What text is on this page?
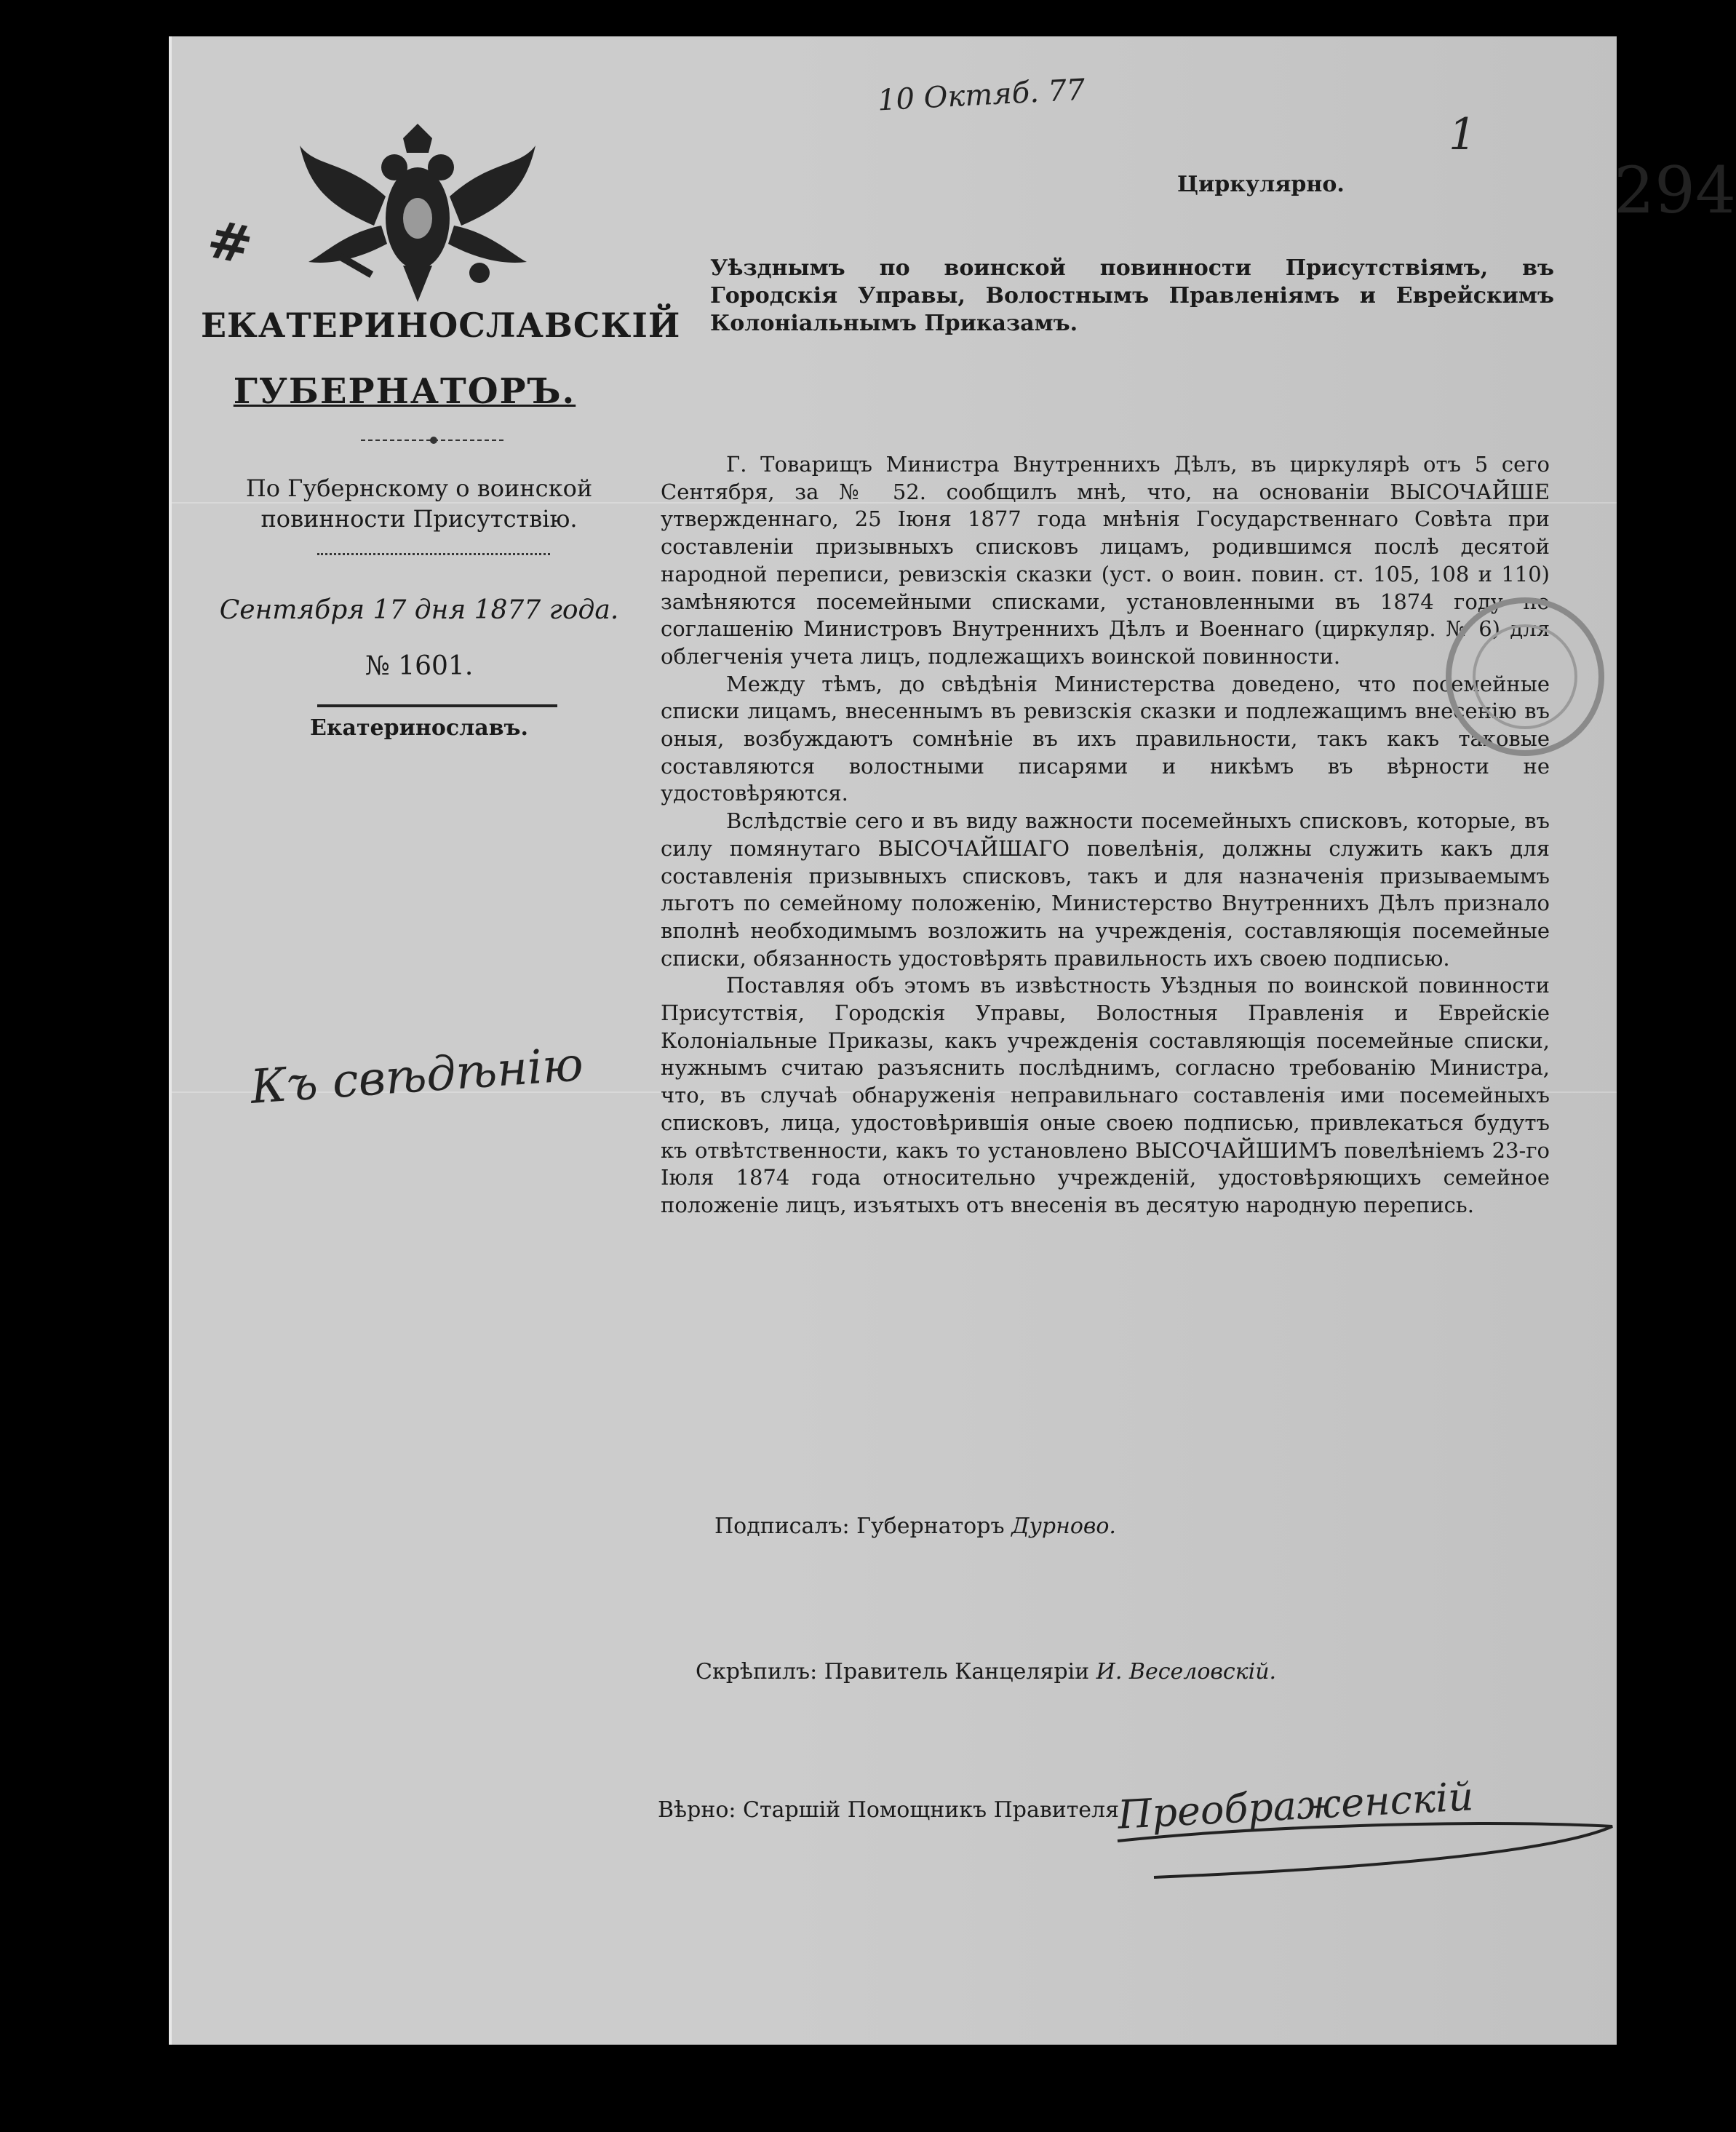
10 Октяб. 77
1
294
#
Къ свѣдѣнію
ЕКАТЕРИНОСЛАВСКІЙ
ГУБЕРНАТОРЪ.
По Губернскому о воинской повинности Присутствію.
Сентября 17 дня 1877 года.
№ 1601.
Екатеринославъ.
Циркулярно.
Уѣзднымъ по воинской повинности Присутствіямъ, въ Городскія Управы, Волостнымъ Правленіямъ и Еврейскимъ Колоніальнымъ Приказамъ.

Г. Товарищъ Министра Внутреннихъ Дѣлъ, въ циркулярѣ отъ 5 сего Сентября, за № 52. сообщилъ мнѣ, что, на основаніи ВЫСОЧАЙШЕ утвержденнаго, 25 Іюня 1877 года мнѣнія Государственнаго Совѣта при составленіи призывныхъ списковъ лицамъ, родившимся послѣ десятой народной переписи, ревизскія сказки (уст. о воин. повин. ст. 105, 108 и 110) замѣняются посемейными списками, установленными въ 1874 году по соглашенію Министровъ Внутреннихъ Дѣлъ и Военнаго (циркуляр. № 6) для облегченія учета лицъ, подлежащихъ воинской повинности.

Между тѣмъ, до свѣдѣнія Министерства доведено, что посемейные списки лицамъ, внесеннымъ въ ревизскія сказки и подлежащимъ внесенію въ оныя, возбуждаютъ сомнѣніе въ ихъ правильности, такъ какъ таковые составляются волостными писарями и никѣмъ въ вѣрности не удостовѣряются.

Вслѣдствіе сего и въ виду важности посемейныхъ списковъ, которые, въ силу помянутаго ВЫСОЧАЙШАГО повелѣнія, должны служить какъ для составленія призывныхъ списковъ, такъ и для назначенія призываемымъ льготъ по семейному положенію, Министерство Внутреннихъ Дѣлъ признало вполнѣ необходимымъ возложить на учрежденія, составляющія посемейные списки, обязанность удостовѣрять правильность ихъ своею подписью.

Поставляя объ этомъ въ извѣстность Уѣздныя по воинской повинности Присутствія, Городскія Управы, Волостныя Правленія и Еврейскіе Колоніальные Приказы, какъ учрежденія составляющія посемейные списки, нужнымъ считаю разъяснить послѣднимъ, согласно требованію Министра, что, въ случаѣ обнаруженія неправильнаго составленія ими посемейныхъ списковъ, лица, удостовѣрившія оные своею подписью, привлекаться будутъ къ отвѣтственности, какъ то установлено ВЫСОЧАЙШИМЪ повелѣніемъ 23-го Іюля 1874 года относительно учрежденій, удостовѣряющихъ семейное положеніе лицъ, изъятыхъ отъ внесенія въ десятую народную перепись.

Подписалъ: Губернаторъ Дурново.
Скрѣпилъ: Правитель Канцеляріи И. Веселовскій.
Вѣрно: Старшій Помощникъ Правителя
Преображенскій
